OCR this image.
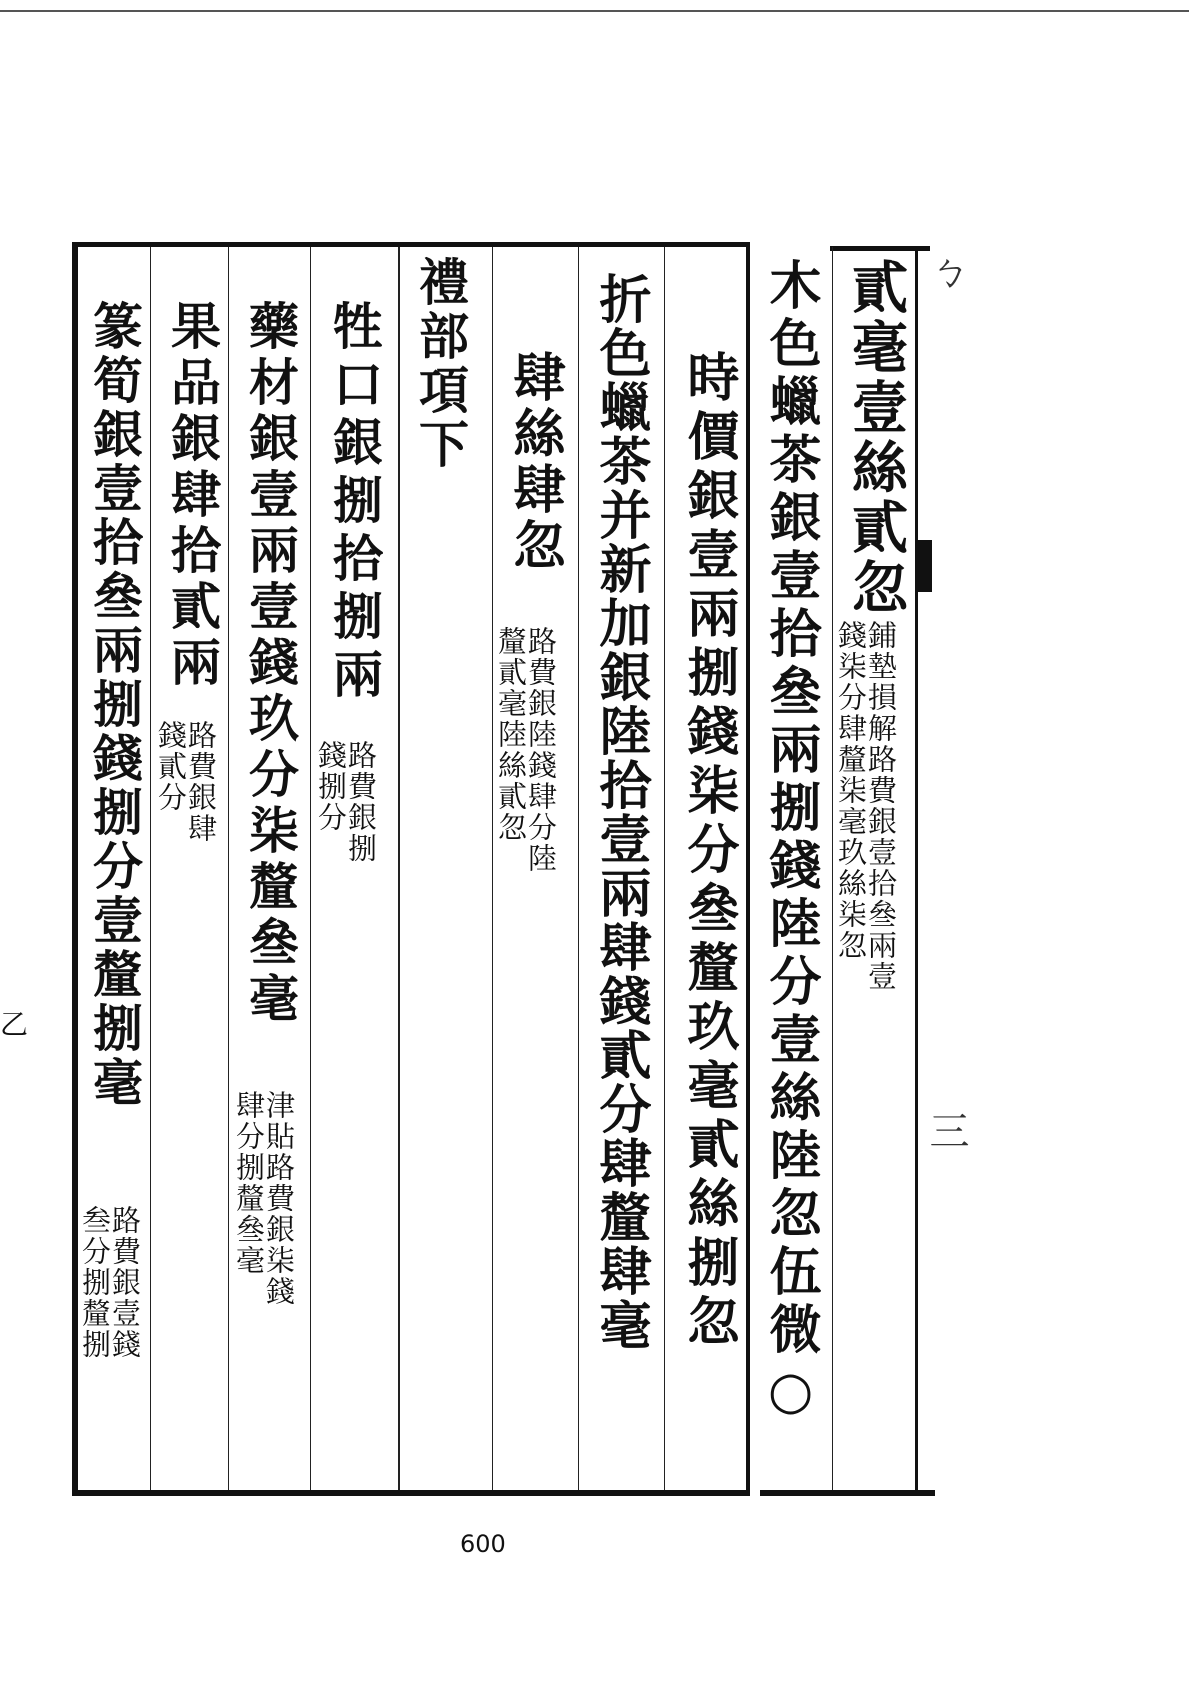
乙
貳毫壹絲貳忽
鋪墊損解路費銀壹拾叄兩壹
錢柒分肆釐柒毫玖絲柒忽
木色蠟茶銀壹拾叄兩捌錢陸分壹絲陸忽伍微○
時價銀壹兩捌錢柒分叄釐玖毫貳絲捌忽
折色蠟茶并新加銀陸拾壹兩肆錢貳分肆釐肆毫
肆絲肆忽
路費銀陸錢肆分陸
釐貳毫陸絲貳忽
禮部項下
牲口銀捌拾捌兩
路費銀捌
錢捌分
藥材銀壹兩壹錢玖分柒釐叄毫
津貼路費銀柒錢
肆分捌釐叄毫
果品銀肆拾貳兩
路費銀肆
錢貳分
篆筍銀壹拾叄兩捌錢捌分壹釐捌毫
路費銀壹錢
叁分捌釐捌
ㄅ
三
600
